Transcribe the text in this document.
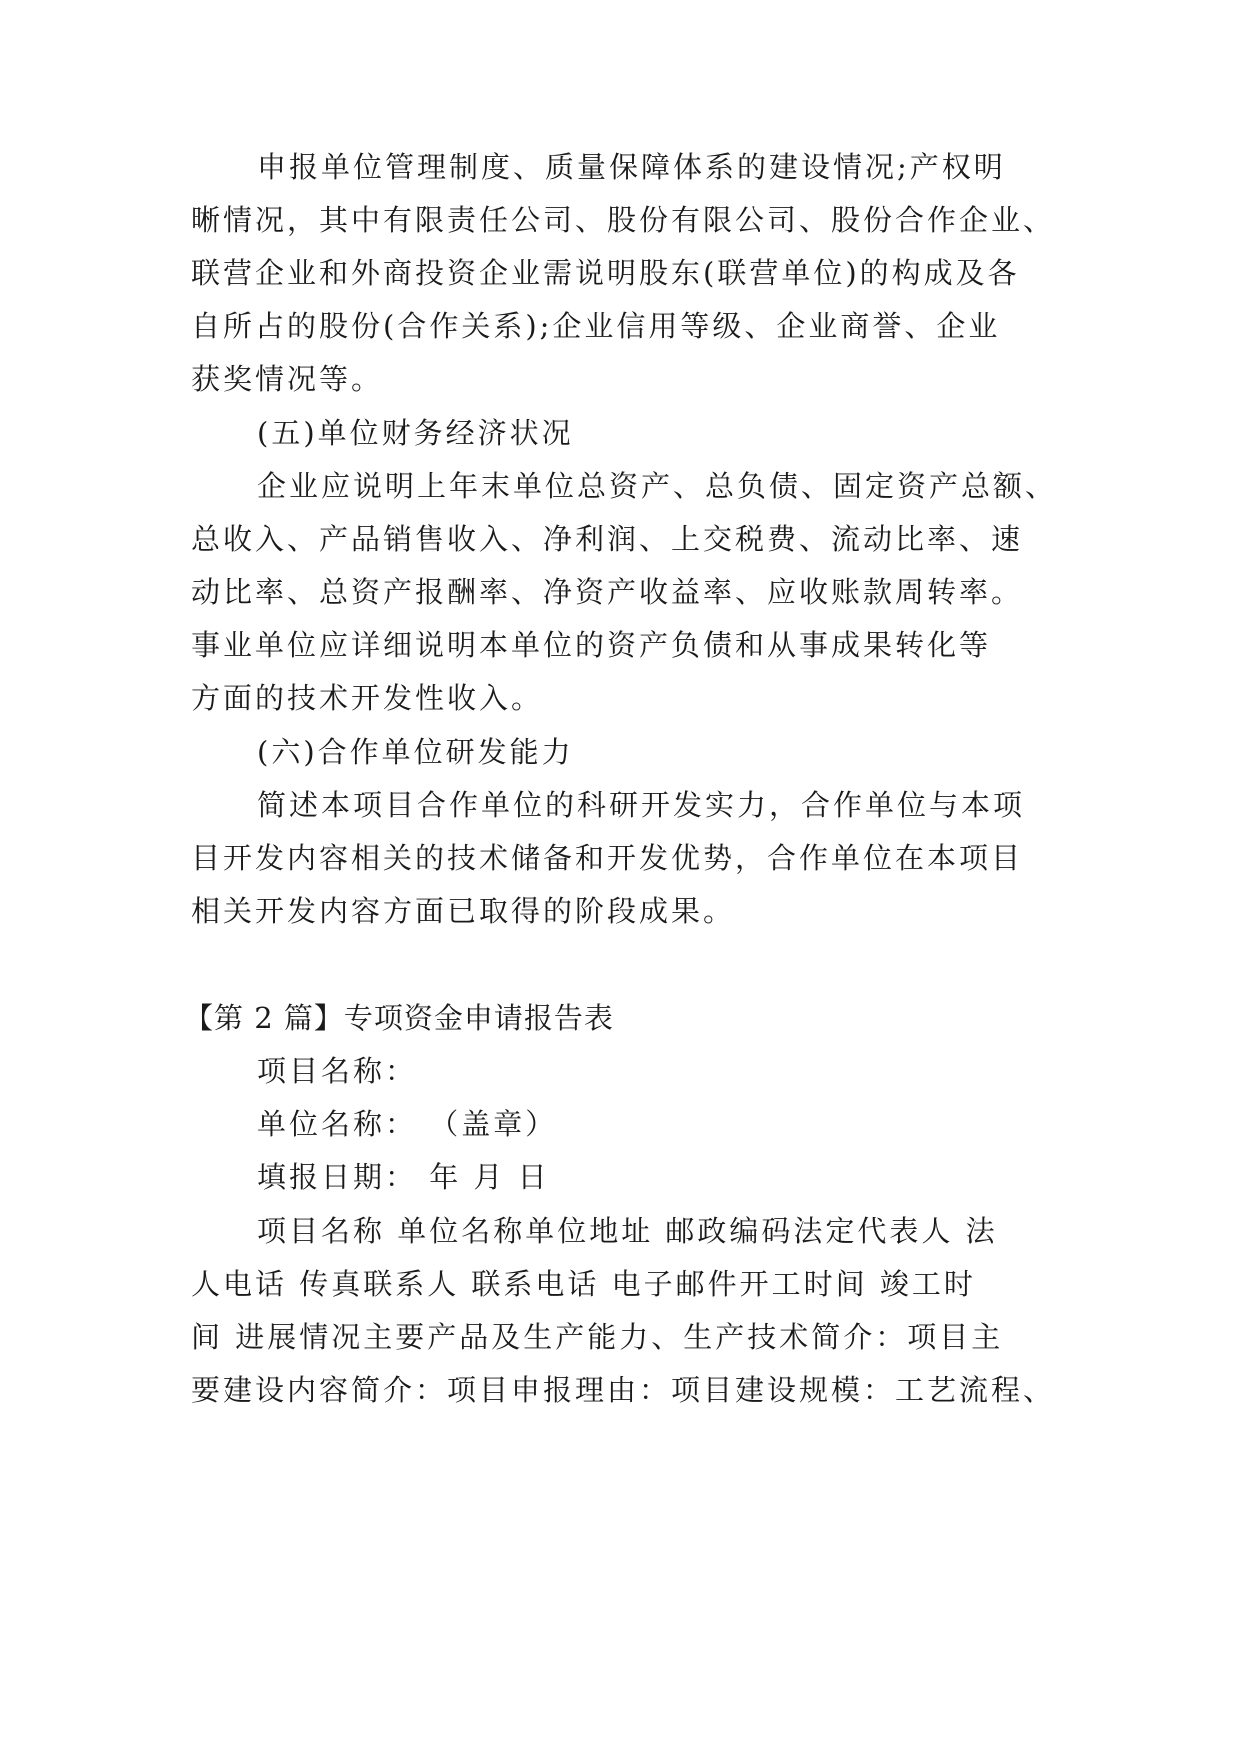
申报单位管理制度、质量保障体系的建设情况;产权明
晰情况，其中有限责任公司、股份有限公司、股份合作企业、
联营企业和外商投资企业需说明股东(联营单位)的构成及各
自所占的股份(合作关系);企业信用等级、企业商誉、企业
获奖情况等。
(五)单位财务经济状况
企业应说明上年末单位总资产、总负债、固定资产总额、
总收入、产品销售收入、净利润、上交税费、流动比率、速
动比率、总资产报酬率、净资产收益率、应收账款周转率。
事业单位应详细说明本单位的资产负债和从事成果转化等
方面的技术开发性收入。
(六)合作单位研发能力
简述本项目合作单位的科研开发实力，合作单位与本项
目开发内容相关的技术储备和开发优势，合作单位在本项目
相关开发内容方面已取得的阶段成果。
【第 2 篇】专项资金申请报告表
项目名称：
单位名称： （盖章）
填报日期： 年 月 日
项目名称 单位名称单位地址 邮政编码法定代表人 法
人电话 传真联系人 联系电话 电子邮件开工时间 竣工时
间 进展情况主要产品及生产能力、生产技术简介：项目主
要建设内容简介：项目申报理由：项目建设规模：工艺流程、
